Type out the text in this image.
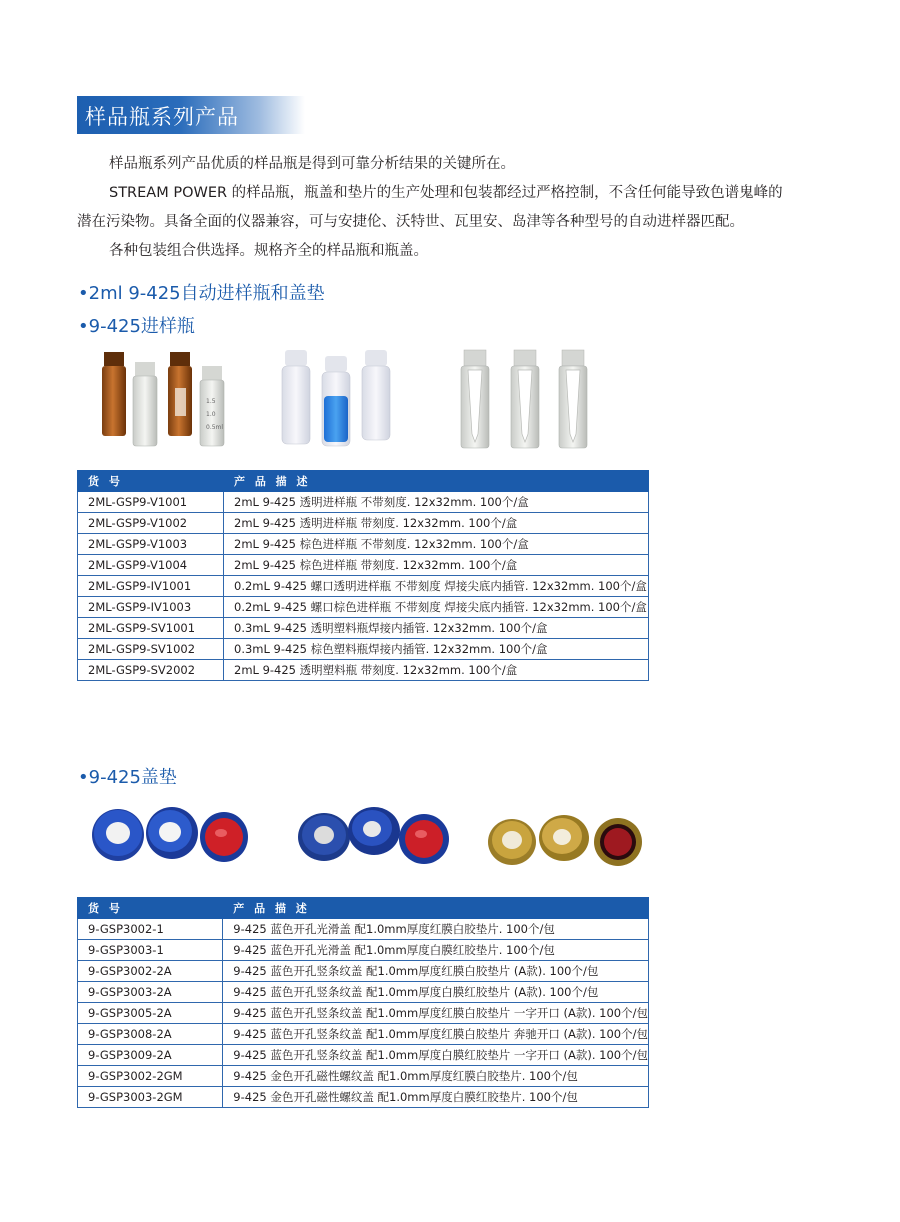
样品瓶系列产品

样品瓶系列产品优质的样品瓶是得到可靠分析结果的关键所在。

STREAM POWER 的样品瓶，瓶盖和垫片的生产处理和包装都经过严格控制，不含任何能导致色谱鬼峰的

潜在污染物。具备全面的仪器兼容，可与安捷伦、沃特世、瓦里安、岛津等各种型号的自动进样器匹配。

各种包装组合供选择。规格齐全的样品瓶和瓶盖。

•2ml 9-425自动进样瓶和盖垫
•9-425进样瓶
1.5
1.0
0.5ml
货 号	产 品 描 述
2ML-GSP9-V1001	2mL 9-425 透明进样瓶 不带刻度. 12x32mm. 100个/盒
2ML-GSP9-V1002	2mL 9-425 透明进样瓶 带刻度. 12x32mm. 100个/盒
2ML-GSP9-V1003	2mL 9-425 棕色进样瓶 不带刻度. 12x32mm. 100个/盒
2ML-GSP9-V1004	2mL 9-425 棕色进样瓶 带刻度. 12x32mm. 100个/盒
2ML-GSP9-IV1001	0.2mL 9-425 螺口透明进样瓶 不带刻度 焊接尖底内插管. 12x32mm. 100个/盒
2ML-GSP9-IV1003	0.2mL 9-425 螺口棕色进样瓶 不带刻度 焊接尖底内插管. 12x32mm. 100个/盒
2ML-GSP9-SV1001	0.3mL 9-425 透明塑料瓶焊接内插管. 12x32mm. 100个/盒
2ML-GSP9-SV1002	0.3mL 9-425 棕色塑料瓶焊接内插管. 12x32mm. 100个/盒
2ML-GSP9-SV2002	2mL 9-425 透明塑料瓶 带刻度. 12x32mm. 100个/盒
•9-425盖垫
货 号	产 品 描 述
9-GSP3002-1	9-425 蓝色开孔光滑盖 配1.0mm厚度红膜白胶垫片. 100个/包
9-GSP3003-1	9-425 蓝色开孔光滑盖 配1.0mm厚度白膜红胶垫片. 100个/包
9-GSP3002-2A	9-425 蓝色开孔竖条纹盖 配1.0mm厚度红膜白胶垫片 (A款). 100个/包
9-GSP3003-2A	9-425 蓝色开孔竖条纹盖 配1.0mm厚度白膜红胶垫片 (A款). 100个/包
9-GSP3005-2A	9-425 蓝色开孔竖条纹盖 配1.0mm厚度红膜白胶垫片 一字开口 (A款). 100个/包
9-GSP3008-2A	9-425 蓝色开孔竖条纹盖 配1.0mm厚度红膜白胶垫片 奔驰开口 (A款). 100个/包
9-GSP3009-2A	9-425 蓝色开孔竖条纹盖 配1.0mm厚度白膜红胶垫片 一字开口 (A款). 100个/包
9-GSP3002-2GM	9-425 金色开孔磁性螺纹盖 配1.0mm厚度红膜白胶垫片. 100个/包
9-GSP3003-2GM	9-425 金色开孔磁性螺纹盖 配1.0mm厚度白膜红胶垫片. 100个/包
